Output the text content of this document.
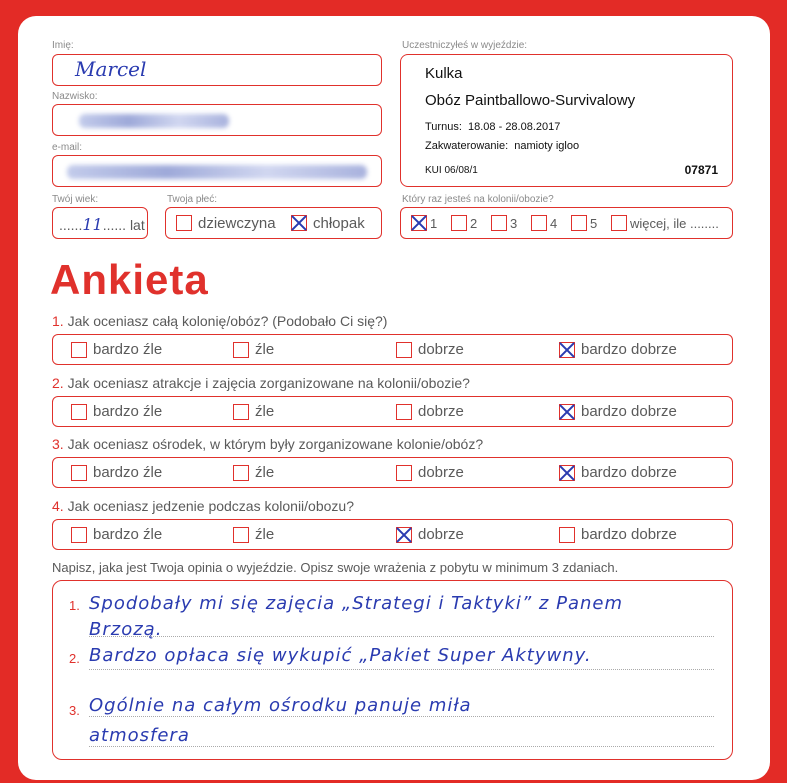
Imię:
Marcel
Nazwisko:
e-mail:
Twój wiek:
......11...... lat
Twoja płeć:
dziewczyna chłopak
Uczestniczyłeś w wyjeździe:
Kulka
Obóz Paintballowo-Survivalowy
Turnus: 18.08 - 28.08.2017
Zakwaterowanie: namioty igloo
KUI 06/08/1	07871
Który raz jesteś na kolonii/obozie?
1	2	3	4	5	więcej, ile ........
Ankieta
1. Jak oceniasz całą kolonię/obóz? (Podobało Ci się?)
bardzo źle	źle	dobrze	bardzo dobrze
2. Jak oceniasz atrakcje i zajęcia zorganizowane na kolonii/obozie?
bardzo źle	źle	dobrze	bardzo dobrze
3. Jak oceniasz ośrodek, w którym były zorganizowane kolonie/obóz?
bardzo źle	źle	dobrze	bardzo dobrze
4. Jak oceniasz jedzenie podczas kolonii/obozu?
bardzo źle	źle	dobrze	bardzo dobrze
Napisz, jaka jest Twoja opinia o wyjeździe. Opisz swoje wrażenia z pobytu w minimum 3 zdaniach.
1.
2.
3.
Spodobały mi się zajęcia „Strategi i Taktyki” z Panem
Brzozą.
Bardzo opłaca się wykupić „Pakiet Super Aktywny.
Ogólnie na całym ośrodku panuje miła
atmosfera
